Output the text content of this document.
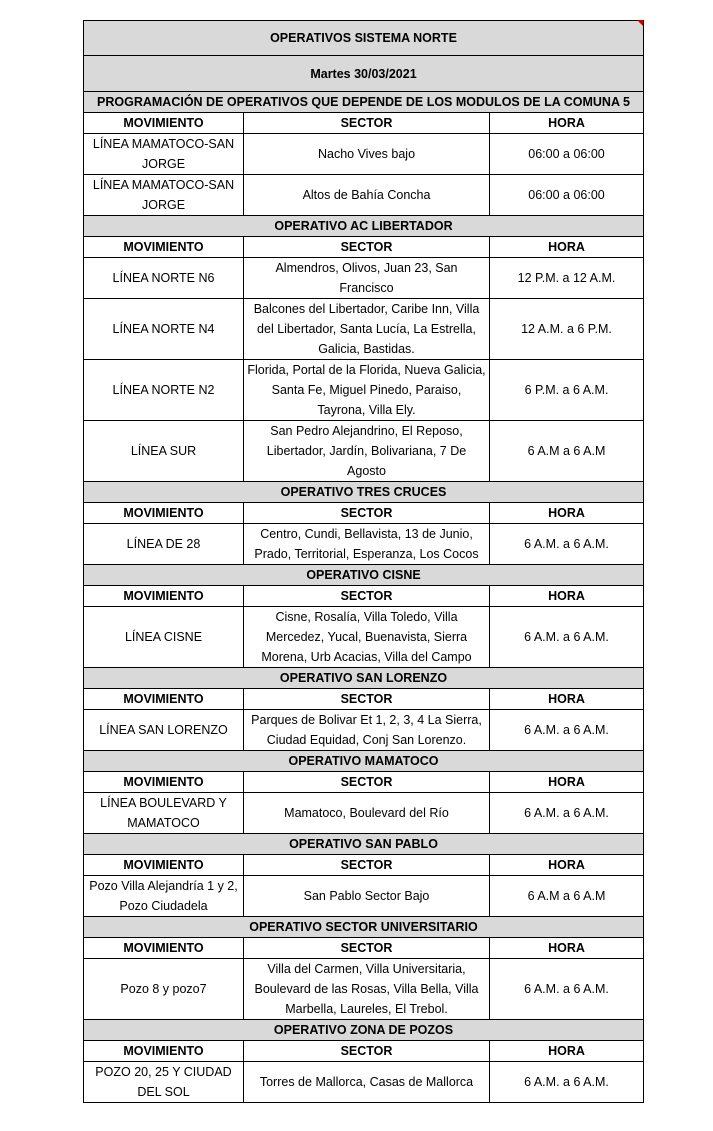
OPERATIVOS SISTEMA NORTE		
Martes 30/03/2021		
PROGRAMACIÓN DE OPERATIVOS QUE DEPENDE DE LOS MODULOS DE LA COMUNA 5		
MOVIMIENTO	SECTOR	HORA
LÍNEA MAMATOCO-SAN JORGE	Nacho Vives bajo	06:00 a 06:00
LÍNEA MAMATOCO-SAN JORGE	Altos de Bahía Concha	06:00 a 06:00
OPERATIVO AC LIBERTADOR		
MOVIMIENTO	SECTOR	HORA
LÍNEA NORTE N6	Almendros, Olivos, Juan 23, San Francisco	12 P.M. a 12 A.M.
LÍNEA NORTE N4	Balcones del Libertador, Caribe Inn, Villa del Libertador, Santa Lucía, La Estrella, Galicia, Bastidas.	12 A.M. a 6 P.M.
LÍNEA NORTE N2	Florida, Portal de la Florida, Nueva Galicia, Santa Fe, Miguel Pinedo, Paraiso, Tayrona, Villa Ely.	6 P.M. a 6 A.M.
LÍNEA SUR	San Pedro Alejandrino, El Reposo, Libertador, Jardín, Bolivariana, 7 De Agosto	6 A.M a 6 A.M
OPERATIVO TRES CRUCES		
MOVIMIENTO	SECTOR	HORA
LÍNEA DE 28	Centro, Cundi, Bellavista, 13 de Junio, Prado, Territorial, Esperanza, Los Cocos	6 A.M. a 6 A.M.
OPERATIVO CISNE		
MOVIMIENTO	SECTOR	HORA
LÍNEA CISNE	Cisne, Rosalía, Villa Toledo, Villa Mercedez, Yucal, Buenavista, Sierra Morena, Urb Acacias, Villa del Campo	6 A.M. a 6 A.M.
OPERATIVO SAN LORENZO		
MOVIMIENTO	SECTOR	HORA
LÍNEA SAN LORENZO	Parques de Bolivar Et 1, 2, 3, 4 La Sierra, Ciudad Equidad, Conj San Lorenzo.	6 A.M. a 6 A.M.
OPERATIVO MAMATOCO		
MOVIMIENTO	SECTOR	HORA
LÍNEA BOULEVARD Y MAMATOCO	Mamatoco, Boulevard del Río	6 A.M. a 6 A.M.
OPERATIVO SAN PABLO		
MOVIMIENTO	SECTOR	HORA
Pozo Villa Alejandría 1 y 2, Pozo Ciudadela	San Pablo Sector Bajo	6 A.M a 6 A.M
OPERATIVO SECTOR UNIVERSITARIO		
MOVIMIENTO	SECTOR	HORA
Pozo 8 y pozo7	Villa del Carmen, Villa Universitaria, Boulevard de las Rosas, Villa Bella, Villa Marbella, Laureles, El Trebol.	6 A.M. a 6 A.M.
OPERATIVO ZONA DE POZOS		
MOVIMIENTO	SECTOR	HORA
POZO 20, 25 Y CIUDAD DEL SOL	Torres de Mallorca, Casas de Mallorca	6 A.M. a 6 A.M.
